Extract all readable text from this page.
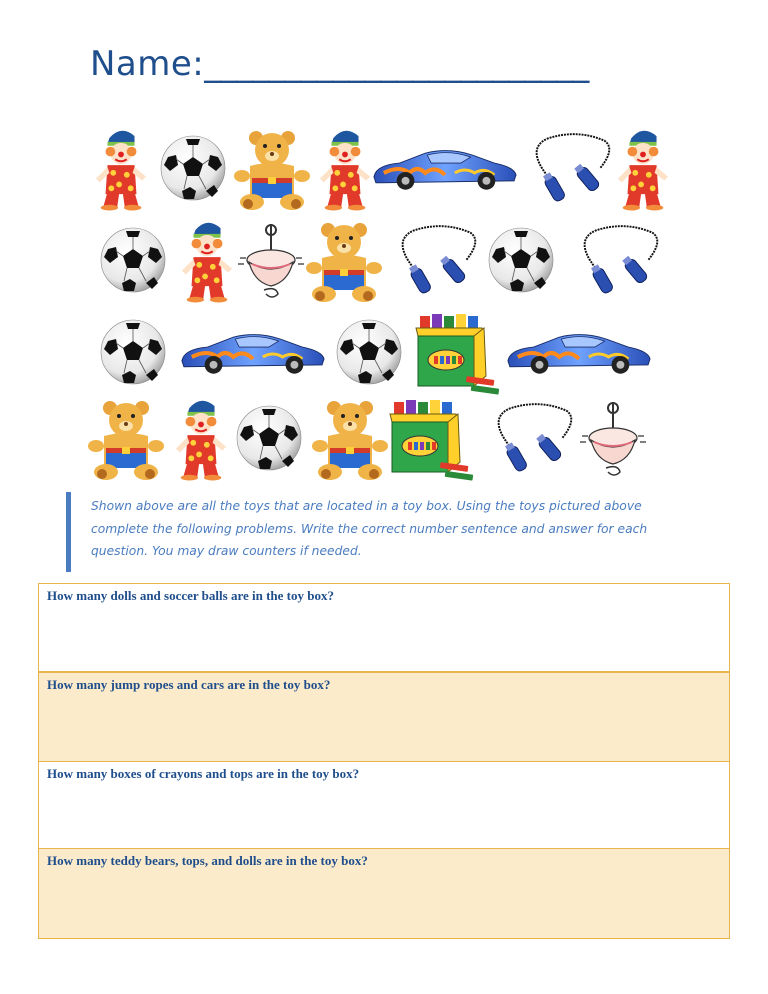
Name:________________________
Shown above are all the toys that are located in a toy box. Using the toys pictured above complete the following problems. Write the correct number sentence and answer for each question. You may draw counters if needed.
How many dolls and soccer balls are in the toy box?
How many jump ropes and cars are in the toy box?
How many boxes of crayons and tops are in the toy box?
How many teddy bears, tops, and dolls are in the toy box?
